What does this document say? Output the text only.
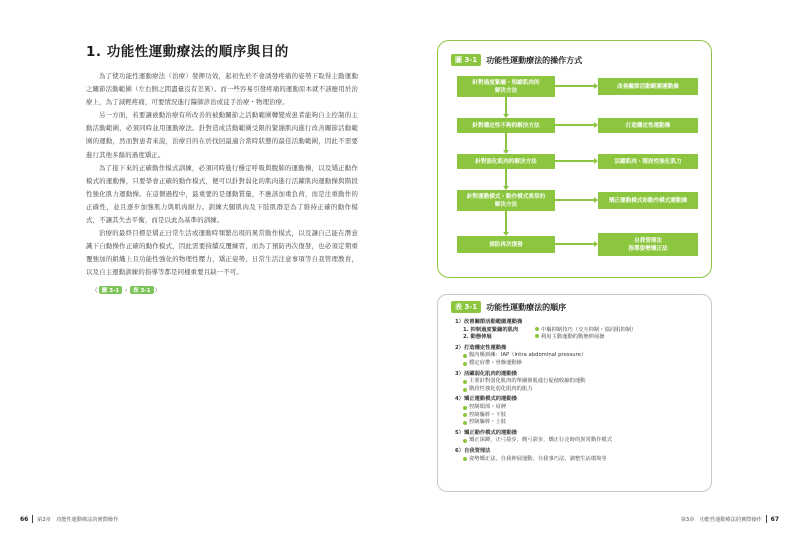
1. 功能性運動療法的順序與目的

為了使功能性運動療法（治療）發揮功效，起初先於不會誘發疼痛的姿勢下取得主動運動之關節活動範圍（左右側之間盡量沒有差異）。而一些容易引發疼痛的運動原本就不該應用於治療上，為了減輕疼痛，可要情況進行醫師診治或徒手治療・物理治療。

另一方面，若要讓被動治療有所改善的被動關節之活動範圍轉變成患者能夠自主控制的主動活動範圍，必須同時並用運動療法。針對造成活動範圍受限的緊繃肌肉進行改善關節活動範圍的運動，然而對患者來說，治療目的在於找回最適合當時狀態的最佳活動範圍，因此不需要進行其他多餘的過度矯正。

為了接下來的正確動作模式訓練，必須同時進行穩定呼吸與腹肺的運動操，以及矯正動作模式的運動操，只要學會正確的動作模式，便可以針對弱化的肌肉進行活躍肌肉運動操與階段性強化肌力運動操。在這個過程中，最重要的是運動質量，不應該加重負荷，而是注重動作的正確性，並且逐步加強肌力與肌肉耐力。訓練大腿肌肉及下肢肌群是為了維持正確的動作模式，不讓其失去平衡，而是以此為基準的訓練。

治療的最終目標是矯正日常生活或運動時頻繁出現的異常動作模式，以及讓自己能在潛意識下自動操作正確的動作模式，因此需要持續反覆練習，而為了預防再次復發，也必須定期重覆強加的組織上且功能性強化的物理性壓力，矯正姿勢，日常生活注意事項等自我管理教育，以及自主運動訓練的指導等都是同樣重要且缺一不可。

（ 圖 3-1 ・ 表 3-1 ）
圖 3-1	功能性運動療法的操作方式
針對過度緊繃・短縮肌肉的
解決方法
針對穩定性不夠的解決方法
針對弱化肌肉的解決方法
針對運動模式・動作模式異常的
解決方法
預防再次復發
改善關節活動範圍運動操
打造穩定性運動操
活躍肌肉・階段性強化肌力
矯正運動模式和動作模式運動操
自我管理法
指導姿勢矯正法
表 3-1	功能性運動療法的順序
1）改善關節活動範圍運動操
1. 抑制過度緊繃的肌肉	中樞抑制技巧（交互抑制・協同肌抑制）
2. 動態伸展	利用主動運動的動態伸展操
2）打造穩定性運動操
腹內壓訓練：IAP（intra abdominal pressure）
穩定肩帶・骨盤運動操
3）活躍弱化肌肉的運動操
主要針對弱化肌肉的單關節肌進行促使收縮的運動
階段性強化弱化肌肉的肌力
4）矯正運動模式的運動操
控制頸部・肩胛
控制軀幹・下肢
控制軀幹・上肢
5）矯正動作模式的運動操
矯正深蹲，正弓箭步，側弓箭步，矯正行走時的異常動作模式
6）自我管理法
姿勢矯正法，自我伸展運動，自我事巧法，調整生活環境等
66 第2章　功能性運動療法的實際操作	第3章　功能性運動療法的實際操作 67
